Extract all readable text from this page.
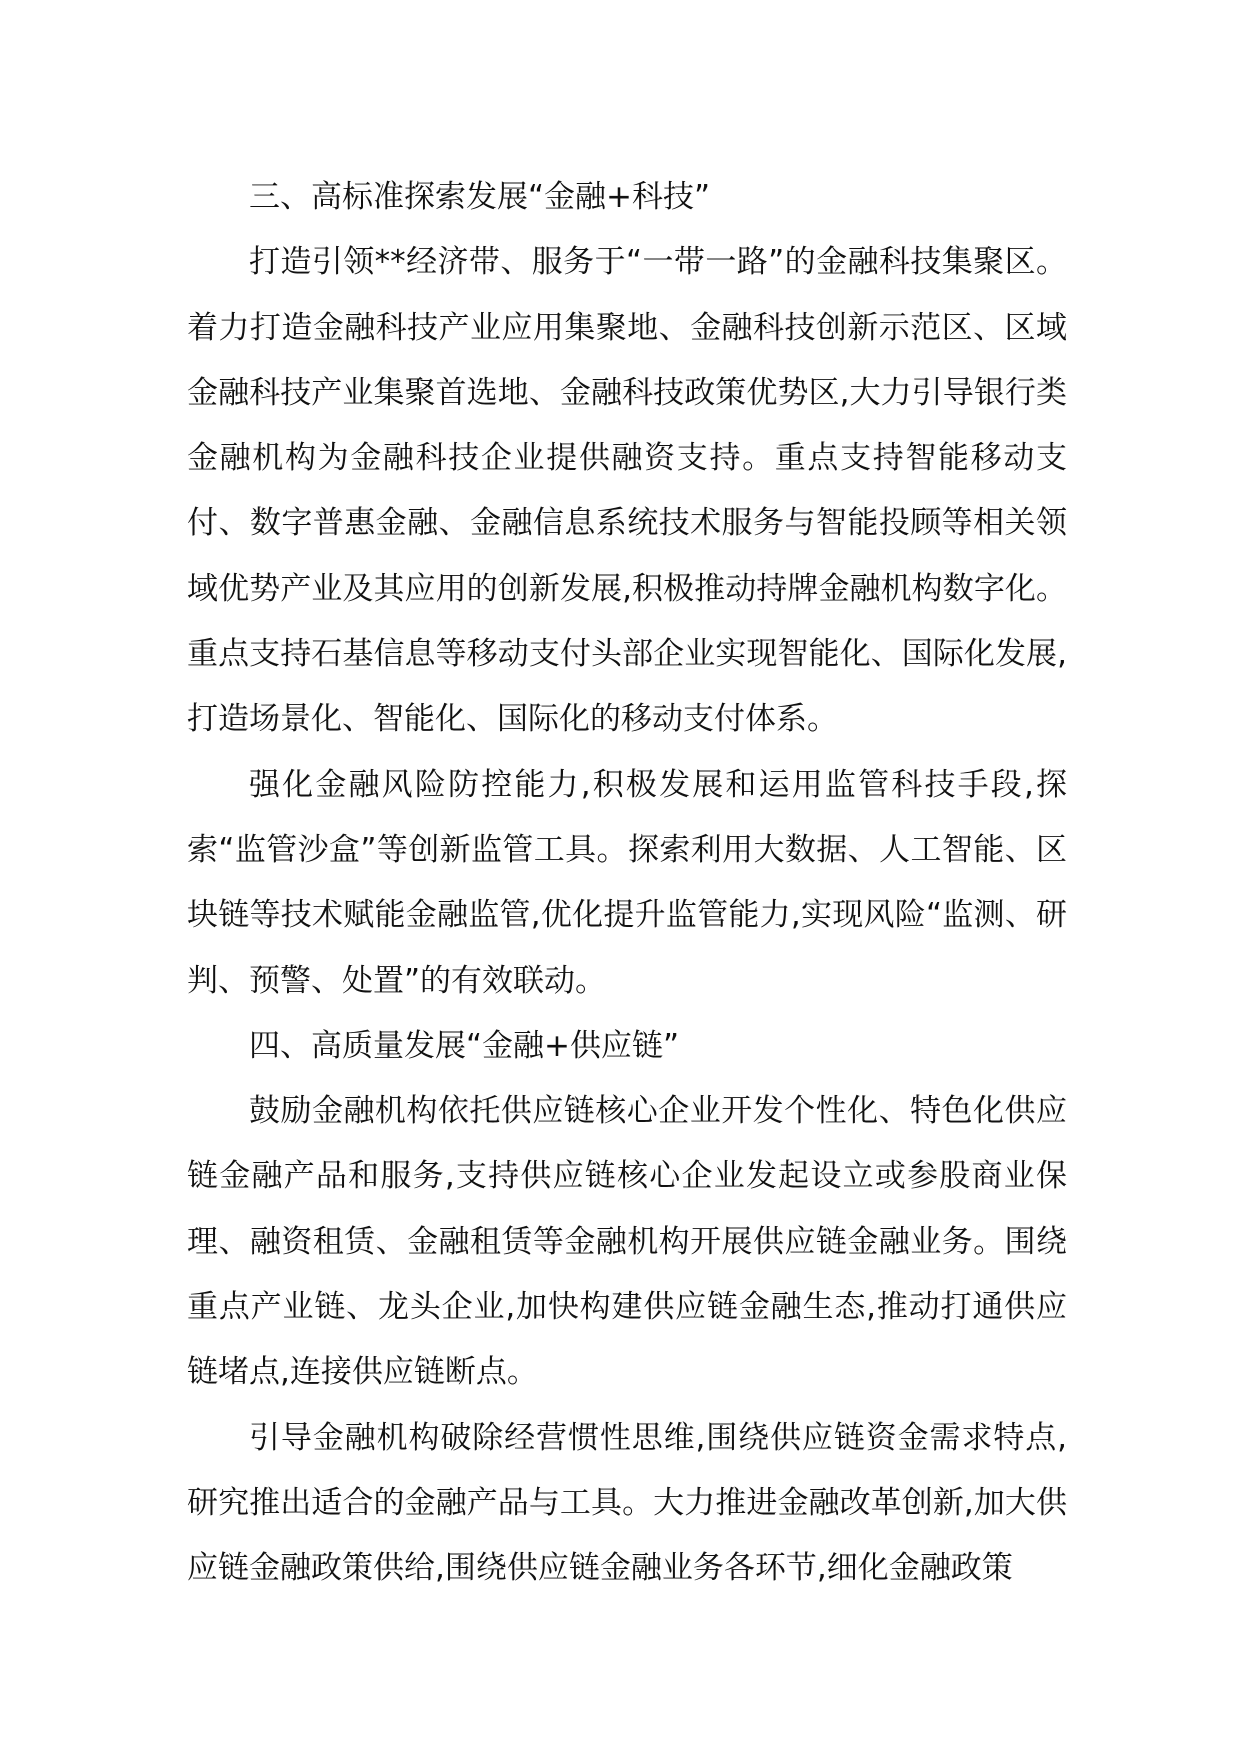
三、高标准探索发展“金融+科技”

打造引领**经济带、服务于“一带一路”的金融科技集聚区。着力打造金融科技产业应用集聚地、金融科技创新示范区、区域金融科技产业集聚首选地、金融科技政策优势区,大力引导银行类金融机构为金融科技企业提供融资支持。重点支持智能移动支付、数字普惠金融、金融信息系统技术服务与智能投顾等相关领域优势产业及其应用的创新发展,积极推动持牌金融机构数字化。重点支持石基信息等移动支付头部企业实现智能化、国际化发展,打造场景化、智能化、国际化的移动支付体系。

强化金融风险防控能力,积极发展和运用监管科技手段,探索“监管沙盒”等创新监管工具。探索利用大数据、人工智能、区块链等技术赋能金融监管,优化提升监管能力,实现风险“监测、研判、预警、处置”的有效联动。

四、高质量发展“金融+供应链”

鼓励金融机构依托供应链核心企业开发个性化、特色化供应链金融产品和服务,支持供应链核心企业发起设立或参股商业保理、融资租赁、金融租赁等金融机构开展供应链金融业务。围绕重点产业链、龙头企业,加快构建供应链金融生态,推动打通供应链堵点,连接供应链断点。

引导金融机构破除经营惯性思维,围绕供应链资金需求特点,研究推出适合的金融产品与工具。大力推进金融改革创新,加大供应链金融政策供给,围绕供应链金融业务各环节,细化金融政策
